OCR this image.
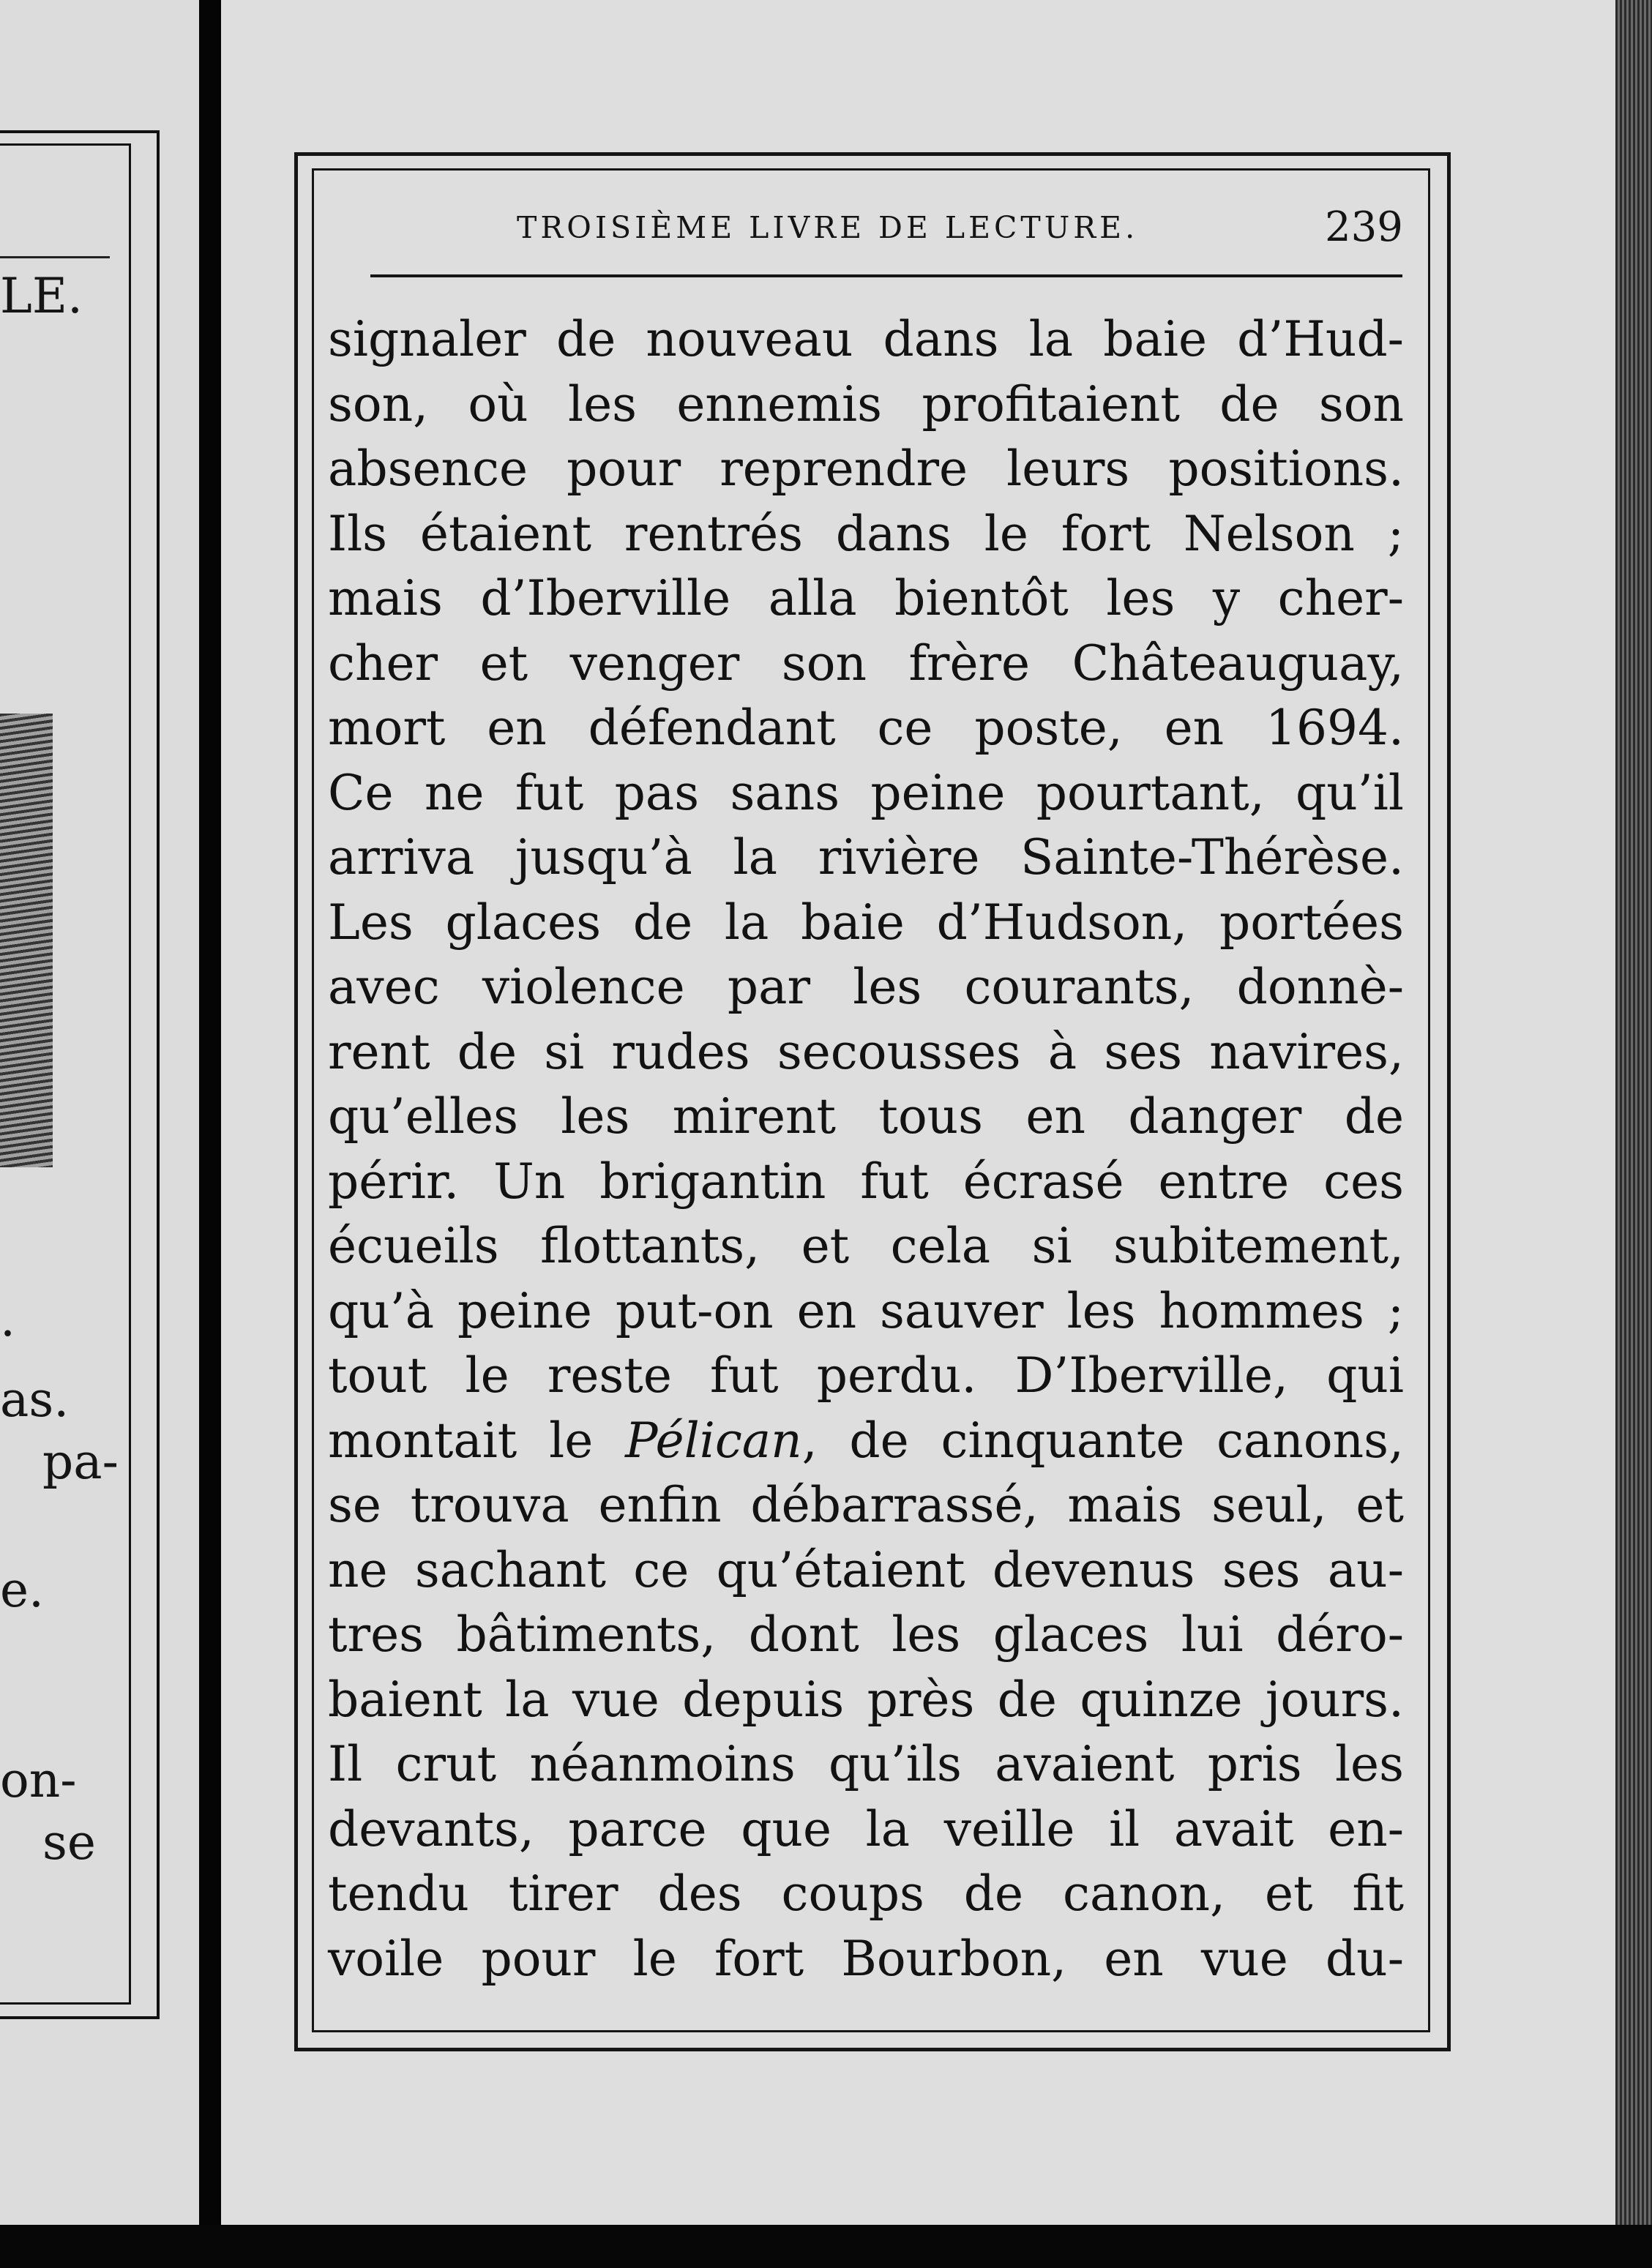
LE.
.
as.
pa-
e.
on-
se
TROISIÈME LIVRE DE LECTURE.	239
signaler de nouveau dans la baie d’Hud-
son, où les ennemis profitaient de son
absence pour reprendre leurs positions.
Ils étaient rentrés dans le fort Nelson ;
mais d’Iberville alla bientôt les y cher-
cher et venger son frère Châteauguay,
mort en défendant ce poste, en 1694.
Ce ne fut pas sans peine pourtant, qu’il
arriva jusqu’à la rivière Sainte-Thérèse.
Les glaces de la baie d’Hudson, portées
avec violence par les courants, donnè-
rent de si rudes secousses à ses navires,
qu’elles les mirent tous en danger de
périr. Un brigantin fut écrasé entre ces
écueils flottants, et cela si subitement,
qu’à peine put-on en sauver les hommes ;
tout le reste fut perdu. D’Iberville, qui
montait le Pélican, de cinquante canons,
se trouva enfin débarrassé, mais seul, et
ne sachant ce qu’étaient devenus ses au-
tres bâtiments, dont les glaces lui déro-
baient la vue depuis près de quinze jours.
Il crut néanmoins qu’ils avaient pris les
devants, parce que la veille il avait en-
tendu tirer des coups de canon, et fit
voile pour le fort Bourbon, en vue du-
